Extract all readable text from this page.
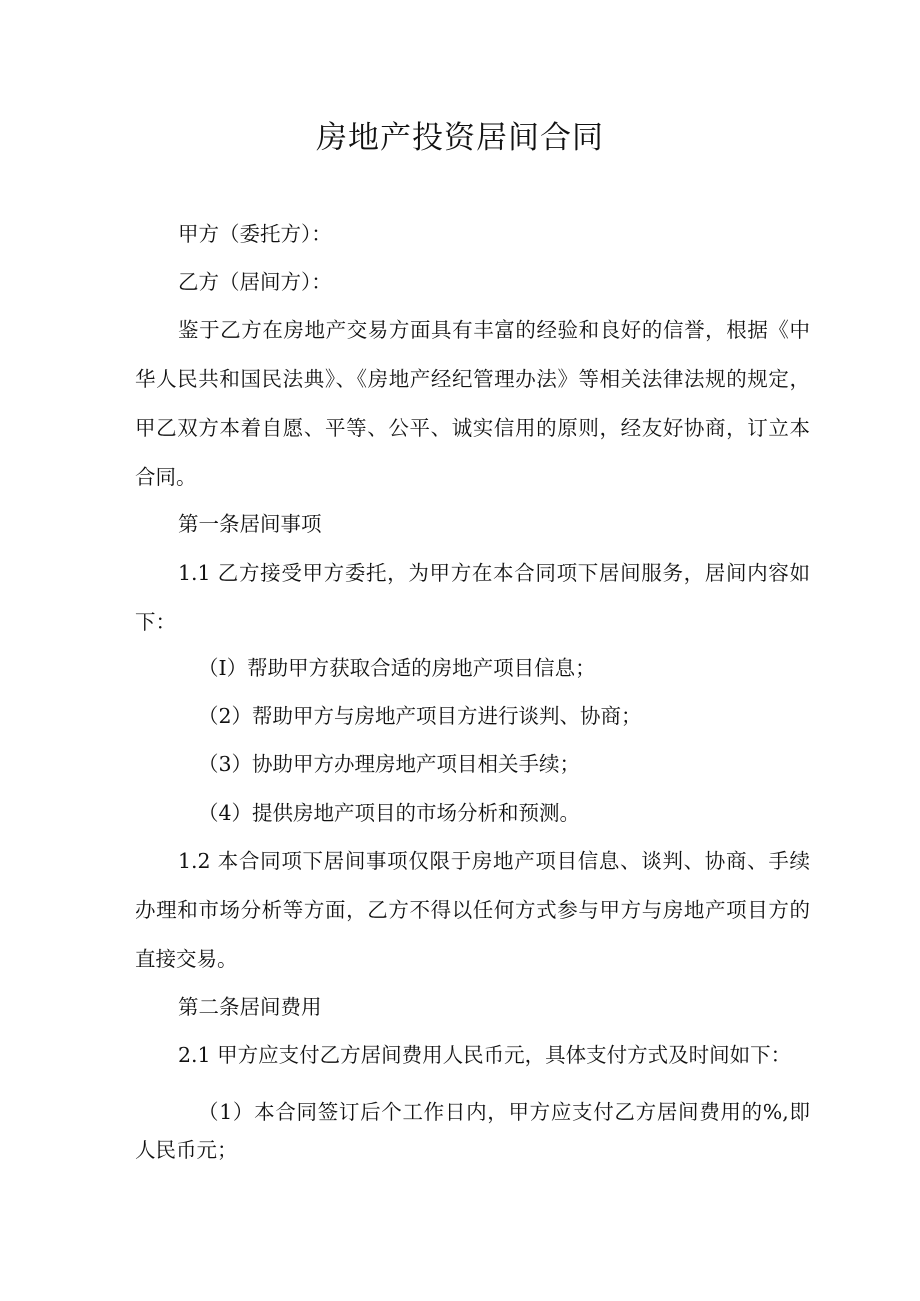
房地产投资居间合同

甲方（委托方）：

乙方（居间方）：

鉴于乙方在房地产交易方面具有丰富的经验和良好的信誉，根据《中华人民共和国民法典》、《房地产经纪管理办法》等相关法律法规的规定，甲乙双方本着自愿、平等、公平、诚实信用的原则，经友好协商，订立本合同。

第一条居间事项

1.1 乙方接受甲方委托，为甲方在本合同项下居间服务，居间内容如下：

（I）帮助甲方获取合适的房地产项目信息；

（2）帮助甲方与房地产项目方进行谈判、协商；

（3）协助甲方办理房地产项目相关手续；

（4）提供房地产项目的市场分析和预测。

1.2 本合同项下居间事项仅限于房地产项目信息、谈判、协商、手续办理和市场分析等方面，乙方不得以任何方式参与甲方与房地产项目方的直接交易。

第二条居间费用

2.1 甲方应支付乙方居间费用人民币元，具体支付方式及时间如下：

（1）本合同签订后个工作日内，甲方应支付乙方居间费用的%,即人民币元；
